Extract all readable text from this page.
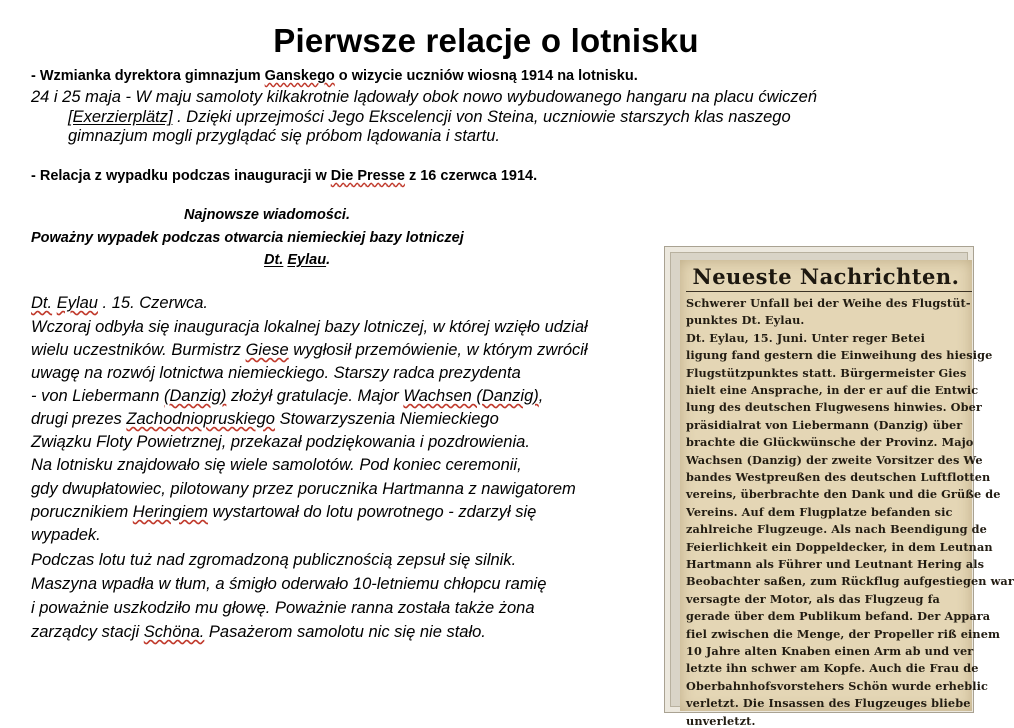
Pierwsze relacje o lotnisku
- Wzmianka dyrektora gimnazjum Ganskego o wizycie uczniów wiosną 1914 na lotnisku.
24 i 25 maja - W maju samoloty kilkakrotnie lądowały obok nowo wybudowanego hangaru na placu ćwiczeń
[Exerzierplätz] . Dzięki uprzejmości Jego Ekscelencji von Steina, uczniowie starszych klas naszego
gimnazjum mogli przyglądać się próbom lądowania i startu.
- Relacja z wypadku podczas inauguracji w Die Presse z 16 czerwca 1914.
Najnowsze wiadomości.
Poważny wypadek podczas otwarcia niemieckiej bazy lotniczej
Dt. Eylau.
Dt. Eylau . 15. Czerwca.
Wczoraj odbyła się inauguracja lokalnej bazy lotniczej, w której wzięło udział
wielu uczestników. Burmistrz Giese wygłosił przemówienie, w którym zwrócił
uwagę na rozwój lotnictwa niemieckiego. Starszy radca prezydenta
- von Liebermann (Danzig) złożył gratulacje. Major Wachsen (Danzig),
drugi prezes Zachodniopruskiego Stowarzyszenia Niemieckiego
Związku Floty Powietrznej, przekazał podziękowania i pozdrowienia.
Na lotnisku znajdowało się wiele samolotów. Pod koniec ceremonii,
gdy dwupłatowiec, pilotowany przez porucznika Hartmanna z nawigatorem
porucznikiem Heringiem wystartował do lotu powrotnego - zdarzył się
wypadek.
Podczas lotu tuż nad zgromadzoną publicznością zepsuł się silnik.
Maszyna wpadła w tłum, a śmigło oderwało 10-letniemu chłopcu ramię
i poważnie uszkodziło mu głowę. Poważnie ranna została także żona
zarządcy stacji Schöna. Pasażerom samolotu nic się nie stało.
Neueste Nachrichten.
Schwerer Unfall bei der Weihe des Flugstüt-
punktes Dt. Eylau.
Dt. Eylau, 15. Juni. Unter reger Betei
ligung fand gestern die Einweihung des hiesige
Flugstützpunktes statt. Bürgermeister Gies
hielt eine Ansprache, in der er auf die Entwic
lung des deutschen Flugwesens hinwies. Ober
präsidialrat von Liebermann (Danzig) über
brachte die Glückwünsche der Provinz. Majo
Wachsen (Danzig) der zweite Vorsitzer des We
bandes Westpreußen des deutschen Luftflotten
vereins, überbrachte den Dank und die Grüße de
Vereins. Auf dem Flugplatze befanden sic
zahlreiche Flugzeuge. Als nach Beendigung de
Feierlichkeit ein Doppeldecker, in dem Leutnan
Hartmann als Führer und Leutnant Hering als
Beobachter saßen, zum Rückflug aufgestiegen war
versagte der Motor, als das Flugzeug fa
gerade über dem Publikum befand. Der Appara
fiel zwischen die Menge, der Propeller riß einem
10 Jahre alten Knaben einen Arm ab und ver
letzte ihn schwer am Kopfe. Auch die Frau de
Oberbahnhofsvorstehers Schön wurde erheblic
verletzt. Die Insassen des Flugzeuges bliebe
unverletzt.
